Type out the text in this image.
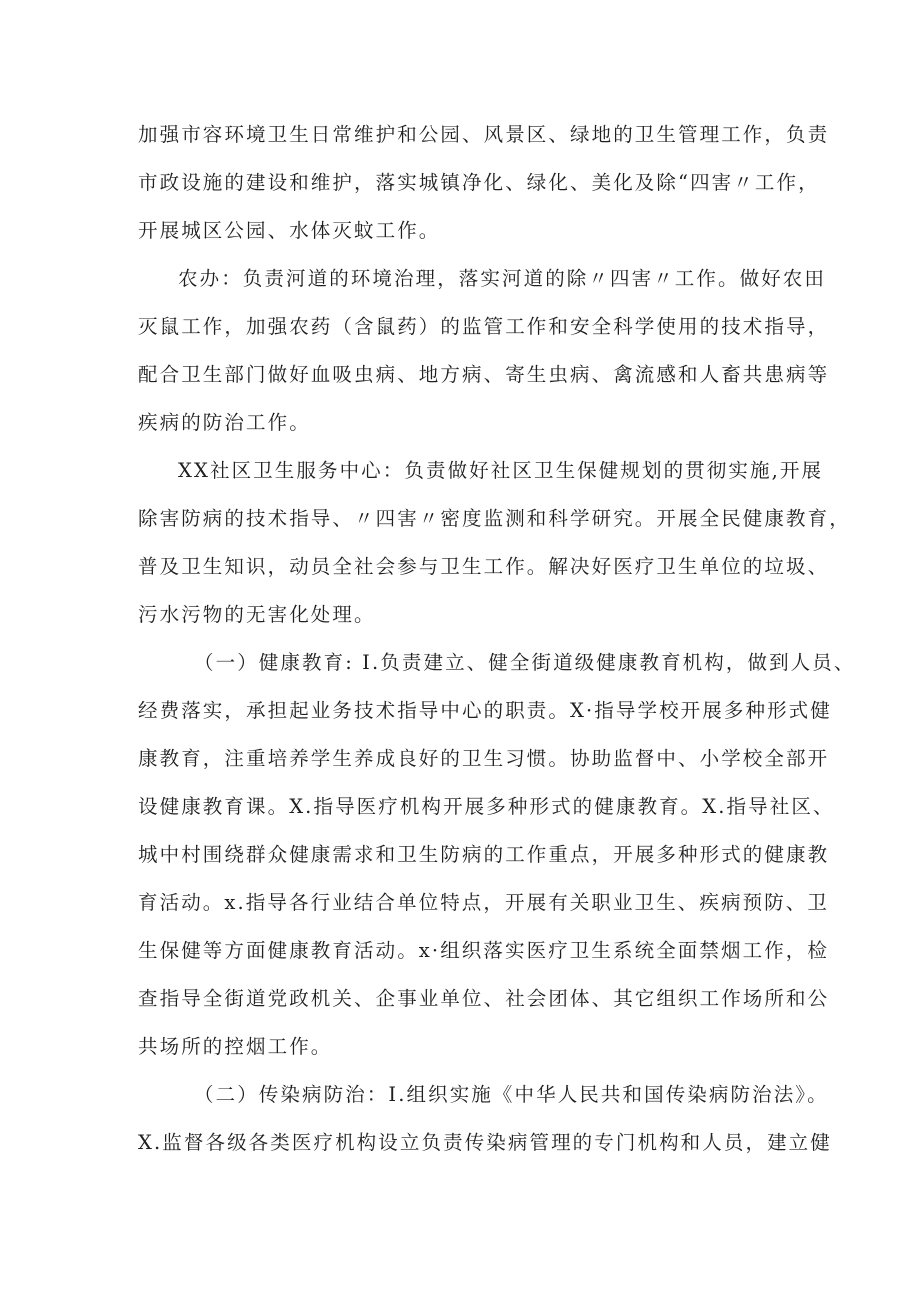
加强市容环境卫生日常维护和公园、风景区、绿地的卫生管理工作，负责
市政设施的建设和维护，落实城镇净化、绿化、美化及除“四害〃工作，
开展城区公园、水体灭蚊工作。
农办：负责河道的环境治理，落实河道的除〃四害〃工作。做好农田
灭鼠工作，加强农药（含鼠药）的监管工作和安全科学使用的技术指导，
配合卫生部门做好血吸虫病、地方病、寄生虫病、禽流感和人畜共患病等
疾病的防治工作。
XX社区卫生服务中心：负责做好社区卫生保健规划的贯彻实施,开展
除害防病的技术指导、〃四害〃密度监测和科学研究。开展全民健康教育，
普及卫生知识，动员全社会参与卫生工作。解决好医疗卫生单位的垃圾、
污水污物的无害化处理。
（一）健康教育: I.负责建立、健全街道级健康教育机构，做到人员、
经费落实，承担起业务技术指导中心的职责。X·指导学校开展多种形式健
康教育，注重培养学生养成良好的卫生习惯。协助监督中、小学校全部开
设健康教育课。X.指导医疗机构开展多种形式的健康教育。X.指导社区、
城中村围绕群众健康需求和卫生防病的工作重点，开展多种形式的健康教
育活动。x.指导各行业结合单位特点，开展有关职业卫生、疾病预防、卫
生保健等方面健康教育活动。x·组织落实医疗卫生系统全面禁烟工作，检
查指导全街道党政机关、企事业单位、社会团体、其它组织工作场所和公
共场所的控烟工作。
（二）传染病防治：I.组织实施《中华人民共和国传染病防治法》。
X.监督各级各类医疗机构设立负责传染病管理的专门机构和人员，建立健
